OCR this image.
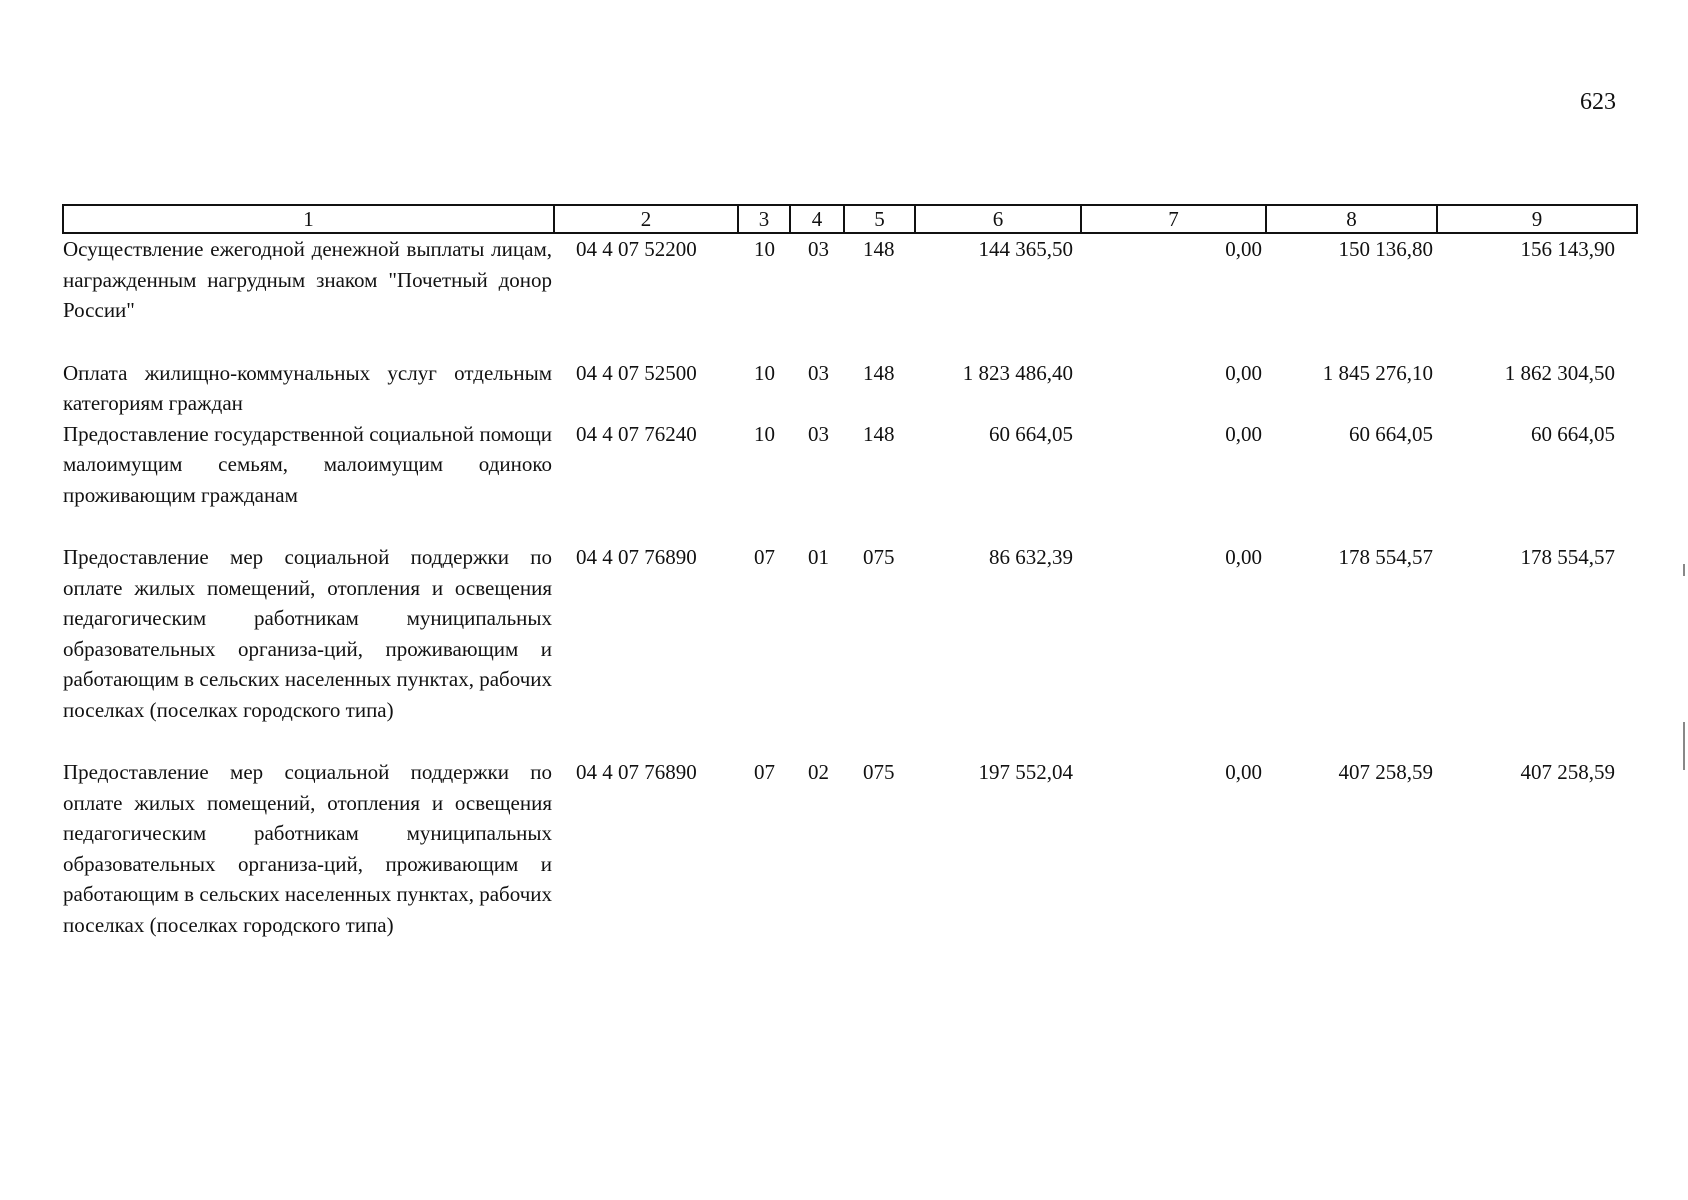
623
1	2	3	4	5	6	7	8	9
Осуществление ежегодной денежной выплаты лицам, награжденным нагрудным знаком "Почетный донор России"	04 4 07 52200	10	03	148	144 365,50	0,00	150 136,80	156 143,90
Оплата жилищно-коммунальных услуг отдельным категориям граждан	04 4 07 52500	10	03	148	1 823 486,40	0,00	1 845 276,10	1 862 304,50
Предоставление государственной социальной помощи малоимущим семьям, малоимущим одиноко проживающим гражданам	04 4 07 76240	10	03	148	60 664,05	0,00	60 664,05	60 664,05
Предоставление мер социальной поддержки по оплате жилых помещений, отопления и освещения педагогическим работникам муниципальных образовательных организа-ций, проживающим и работающим в сельских населенных пунктах, рабочих поселках (поселках городского типа)	04 4 07 76890	07	01	075	86 632,39	0,00	178 554,57	178 554,57
Предоставление мер социальной поддержки по оплате жилых помещений, отопления и освещения педагогическим работникам муниципальных образовательных организа-ций, проживающим и работающим в сельских населенных пунктах, рабочих поселках (поселках городского типа)	04 4 07 76890	07	02	075	197 552,04	0,00	407 258,59	407 258,59
